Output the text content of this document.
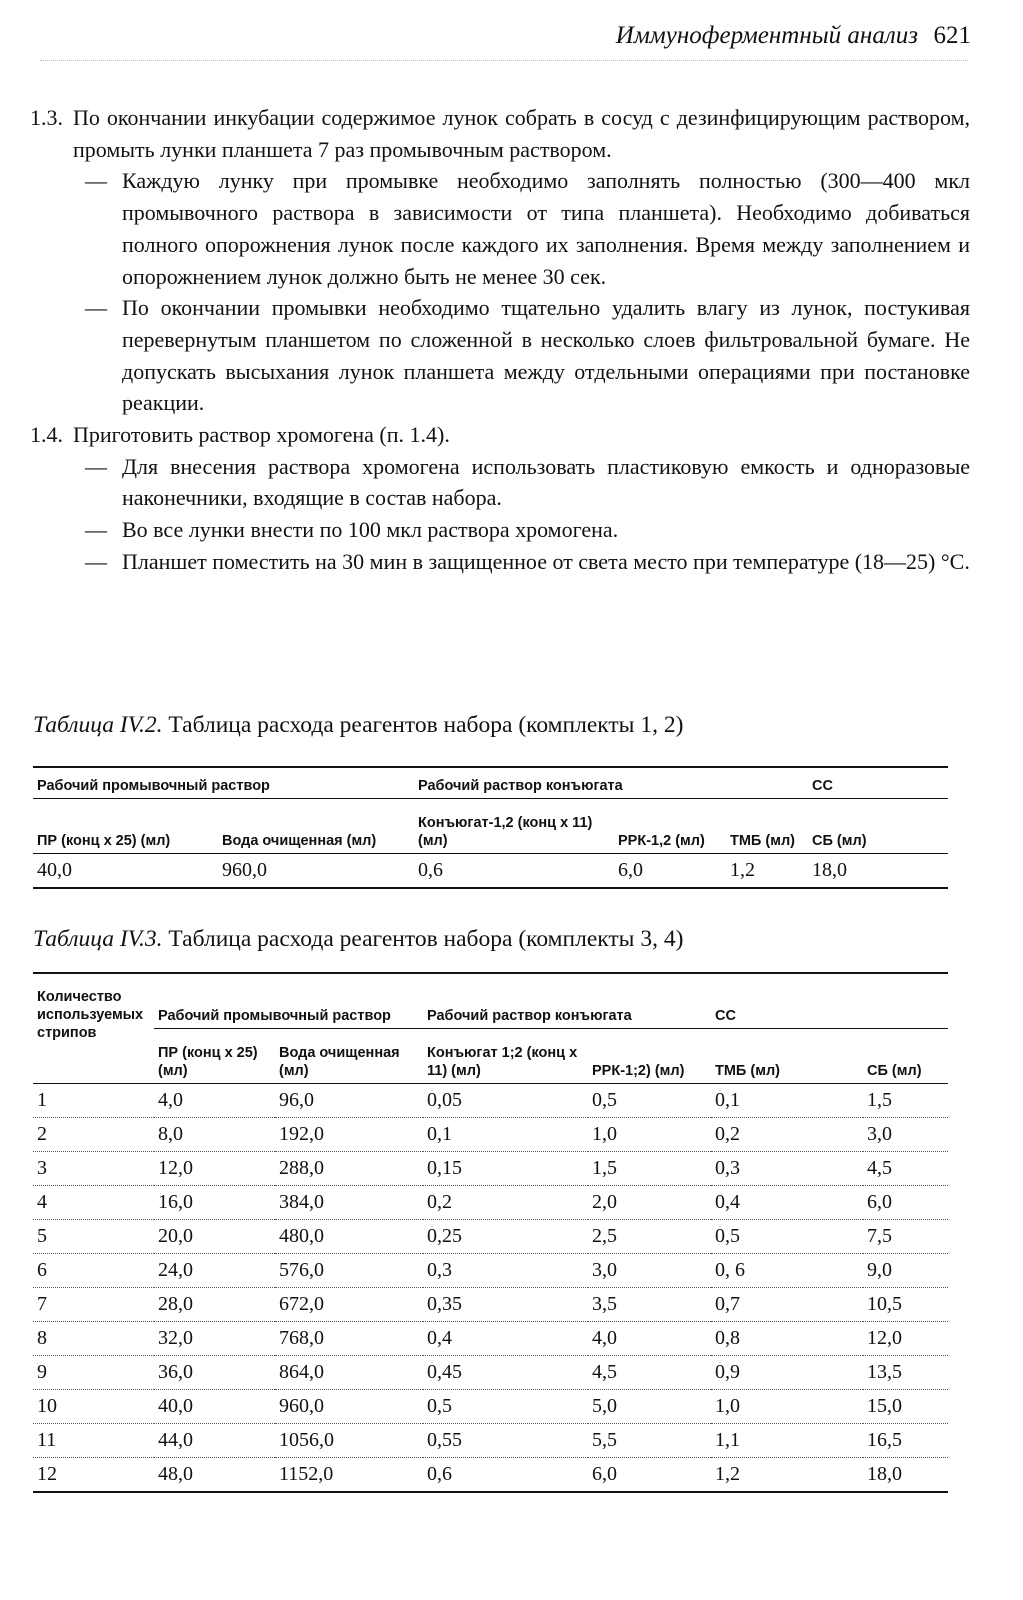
Иммуноферментный анализ 621
1.3. По окончании инкубации содержимое лунок собрать в сосуд с дезинфицирующим раствором, промыть лунки планшета 7 раз промывочным раствором.
— Каждую лунку при промывке необходимо заполнять полностью (300—400 мкл промывочного раствора в зависимости от типа планшета). Необходимо добиваться полного опорожнения лунок после каждого их заполнения. Время между заполнением и опорожнением лунок должно быть не менее 30 сек.
— По окончании промывки необходимо тщательно удалить влагу из лунок, постукивая перевернутым планшетом по сложенной в несколько слоев фильтровальной бумаге. Не допускать высыхания лунок планшета между отдельными операциями при постановке реакции.
1.4. Приготовить раствор хромогена (п. 1.4).
— Для внесения раствора хромогена использовать пластиковую емкость и одноразовые наконечники, входящие в состав набора.
— Во все лунки внести по 100 мкл раствора хромогена.
— Планшет поместить на 30 мин в защищенное от света место при температуре (18—25) °С.
Таблица IV.2. Таблица расхода реагентов набора (комплекты 1, 2)
Рабочий промывочный раствор		Рабочий раствор конъюгата			СС
ПР (конц х 25) (мл)	Вода очищенная (мл)	Конъюгат-1,2 (конц х 11) (мл)	РРК-1,2 (мл)	ТМБ (мл)	СБ (мл)
40,0	960,0	0,6	6,0	1,2	18,0
Таблица IV.3. Таблица расхода реагентов набора (комплекты 3, 4)
Количество используемых стрипов	Рабочий промывочный раствор		Рабочий раствор конъюгата		СС	
	ПР (конц х 25) (мл)	Вода очищенная (мл)	Конъюгат 1;2 (конц х 11) (мл)	РРК-1;2) (мл)	ТМБ (мл)	СБ (мл)
1	4,0	96,0	0,05	0,5	0,1	1,5
2	8,0	192,0	0,1	1,0	0,2	3,0
3	12,0	288,0	0,15	1,5	0,3	4,5
4	16,0	384,0	0,2	2,0	0,4	6,0
5	20,0	480,0	0,25	2,5	0,5	7,5
6	24,0	576,0	0,3	3,0	0, 6	9,0
7	28,0	672,0	0,35	3,5	0,7	10,5
8	32,0	768,0	0,4	4,0	0,8	12,0
9	36,0	864,0	0,45	4,5	0,9	13,5
10	40,0	960,0	0,5	5,0	1,0	15,0
11	44,0	1056,0	0,55	5,5	1,1	16,5
12	48,0	1152,0	0,6	6,0	1,2	18,0
